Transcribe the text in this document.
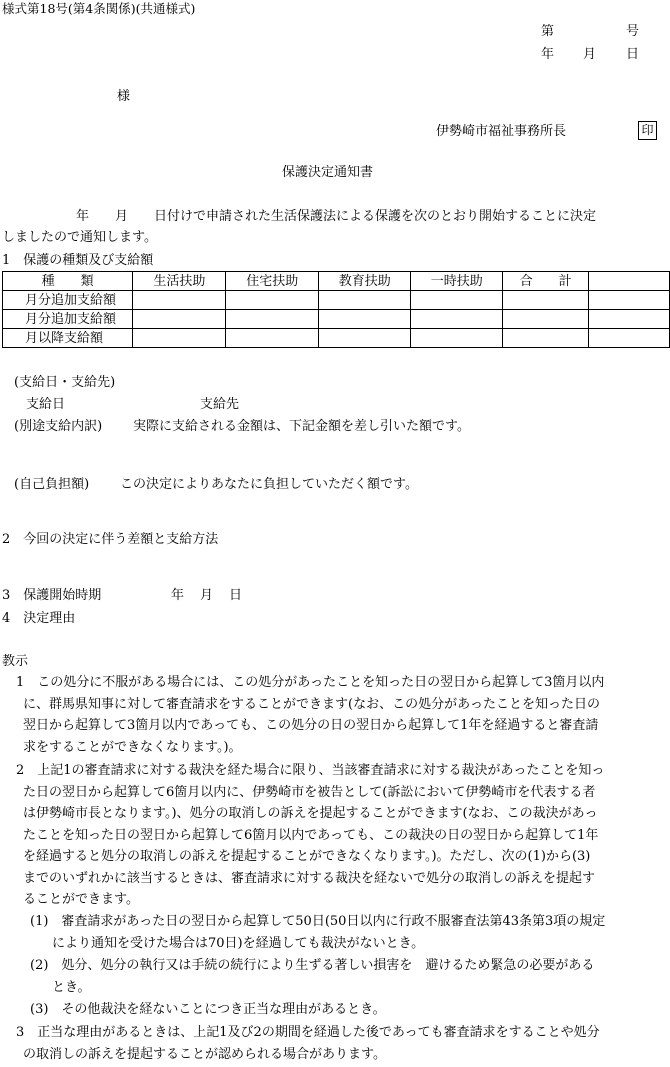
様式第18号(第4条関係)(共通様式)
第	号
年 月 日
様
伊勢崎市福祉事務所長	印
保護決定通知書
年　　月　　日付けで申請された生活保護法による保護を次のとおり開始することに決定
しましたので通知します。
1　保護の種類及び支給額
種　　類	生活扶助	住宅扶助	教育扶助	一時扶助	合　　計	
月分追加支給額						
月分追加支給額						
月以降支給額						
(支給日・支給先)
支給日	支給先
(別途支給内訳) 実際に支給される金額は、下記金額を差し引いた額です。
(自己負担額) この決定によりあなたに負担していただく額です。
2　今回の決定に伴う差額と支給方法
3　保護開始時期	年 月 日
4　決定理由
教示
1　この処分に不服がある場合には、この処分があったことを知った日の翌日から起算して3箇月以内
に、群馬県知事に対して審査請求をすることができます(なお、この処分があったことを知った日の
翌日から起算して3箇月以内であっても、この処分の日の翌日から起算して1年を経過すると審査請
求をすることができなくなります。)。
2　上記1の審査請求に対する裁決を経た場合に限り、当該審査請求に対する裁決があったことを知っ
た日の翌日から起算して6箇月以内に、伊勢崎市を被告として(訴訟において伊勢崎市を代表する者
は伊勢崎市長となります。)、処分の取消しの訴えを提起することができます(なお、この裁決があっ
たことを知った日の翌日から起算して6箇月以内であっても、この裁決の日の翌日から起算して1年
を経過すると処分の取消しの訴えを提起することができなくなります。)。ただし、次の(1)から(3)
までのいずれかに該当するときは、審査請求に対する裁決を経ないで処分の取消しの訴えを提起す
ることができます。
(1)　審査請求があった日の翌日から起算して50日(50日以内に行政不服審査法第43条第3項の規定
により通知を受けた場合は70日)を経過しても裁決がないとき。
(2)　処分、処分の執行又は手続の続行により生ずる著しい損害を　避けるため緊急の必要がある
とき。
(3)　その他裁決を経ないことにつき正当な理由があるとき。
3　正当な理由があるときは、上記1及び2の期間を経過した後であっても審査請求をすることや処分
の取消しの訴えを提起することが認められる場合があります。
